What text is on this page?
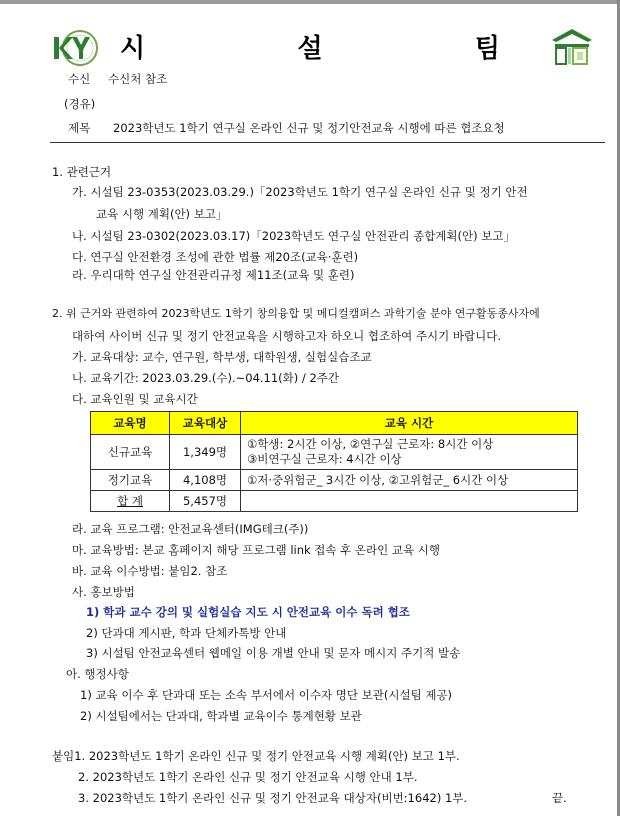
시	설	팀
수신 수신처 참조
(경유)
제목 2023학년도 1학기 연구실 온라인 신규 및 정기안전교육 시행에 따른 협조요청
1. 관련근거
가. 시설팀 23-0353(2023.03.29.)「2023학년도 1학기 연구실 온라인 신규 및 정기 안전
교육 시행 계획(안) 보고」
나. 시설팀 23-0302(2023.03.17)「2023학년도 연구실 안전관리 종합계획(안) 보고」
다. 연구실 안전환경 조성에 관한 법률 제20조(교육·훈련)
라. 우리대학 연구실 안전관리규정 제11조(교육 및 훈련)
2. 위 근거와 관련하여 2023학년도 1학기 창의융합 및 메디컬캠퍼스 과학기술 분야 연구활동종사자에
대하여 사이버 신규 및 정기 안전교육을 시행하고자 하오니 협조하여 주시기 바랍니다.
가. 교육대상: 교수, 연구원, 학부생, 대학원생, 실험실습조교
나. 교육기간: 2023.03.29.(수).~04.11(화) / 2주간
다. 교육인원 및 교육시간
교육명	교육대상	교육 시간
신규교육	1,349명	①학생: 2시간 이상, ②연구실 근로자: 8시간 이상
③비연구실 근로자: 4시간 이상

정기교육	4,108명	①저·중위험군_ 3시간 이상, ②고위험군_ 6시간 이상
합 계	5,457명	
라. 교육 프로그램: 안전교육센터(IMG테크(주))
마. 교육방법: 본교 홈페이지 해당 프로그램 link 접속 후 온라인 교육 시행
바. 교육 이수방법: 붙임2. 참조
사. 홍보방법
1) 학과 교수 강의 및 실험실습 지도 시 안전교육 이수 독려 협조
2) 단과대 게시판, 학과 단체카톡방 안내
3) 시설팀 안전교육센터 웹메일 이용 개별 안내 및 문자 메시지 주기적 발송
아. 행정사항
1) 교육 이수 후 단과대 또는 소속 부서에서 이수자 명단 보관(시설팀 제공)
2) 시설팀에서는 단과대, 학과별 교육이수 통계현황 보관
붙임1. 2023학년도 1학기 온라인 신규 및 정기 안전교육 시행 계획(안) 보고 1부.
2. 2023학년도 1학기 온라인 신규 및 정기 안전교육 시행 안내 1부.
3. 2023학년도 1학기 온라인 신규 및 정기 안전교육 대상자(비번:1642) 1부.	끝.
